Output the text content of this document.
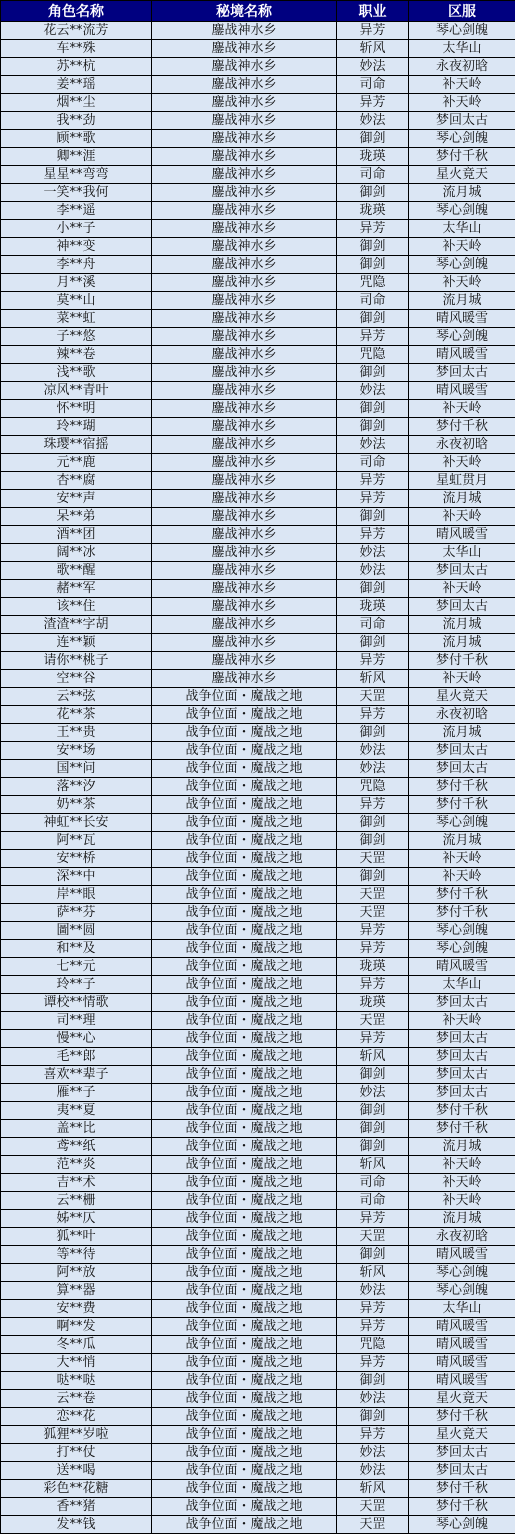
角色名称	秘境名称	职业	区服
花云**流芳	鏖战神水乡	异芳	琴心剑魄
车**殊	鏖战神水乡	斩风	太华山
苏**杭	鏖战神水乡	妙法	永夜初晗
姜**瑶	鏖战神水乡	司命	补天岭
烟**尘	鏖战神水乡	异芳	补天岭
我**劲	鏖战神水乡	妙法	梦回太古
顾**歌	鏖战神水乡	御剑	琴心剑魄
卿**涯	鏖战神水乡	珑瑛	梦付千秋
星星**弯弯	鏖战神水乡	司命	星火竟天
一笑**我何	鏖战神水乡	御剑	流月城
李**遥	鏖战神水乡	珑瑛	琴心剑魄
小**子	鏖战神水乡	异芳	太华山
神**变	鏖战神水乡	御剑	补天岭
李**舟	鏖战神水乡	御剑	琴心剑魄
月**溪	鏖战神水乡	咒隐	补天岭
莫**山	鏖战神水乡	司命	流月城
菜**虹	鏖战神水乡	御剑	晴风暖雪
子**悠	鏖战神水乡	异芳	琴心剑魄
辣**卷	鏖战神水乡	咒隐	晴风暖雪
浅**歌	鏖战神水乡	御剑	梦回太古
凉风**青叶	鏖战神水乡	妙法	晴风暖雪
怀**明	鏖战神水乡	御剑	补天岭
玲**瑚	鏖战神水乡	御剑	梦付千秋
珠璎**宿摇	鏖战神水乡	妙法	永夜初晗
元**鹿	鏖战神水乡	司命	补天岭
杏**腐	鏖战神水乡	异芳	星虹贯月
安**声	鏖战神水乡	异芳	流月城
呆**弟	鏖战神水乡	御剑	补天岭
酒**团	鏖战神水乡	异芳	晴风暖雪
阔**冰	鏖战神水乡	妙法	太华山
歌**醒	鏖战神水乡	妙法	梦回太古
赭**军	鏖战神水乡	御剑	补天岭
该**住	鏖战神水乡	珑瑛	梦回太古
渣渣**字胡	鏖战神水乡	司命	流月城
连**颖	鏖战神水乡	御剑	流月城
请你**桃子	鏖战神水乡	异芳	梦付千秋
空**谷	鏖战神水乡	斩风	补天岭
云**弦	战争位面・魔战之地	天罡	星火竟天
花**茶	战争位面・魔战之地	异芳	永夜初晗
王**贵	战争位面・魔战之地	御剑	流月城
安**场	战争位面・魔战之地	妙法	梦回太古
国**问	战争位面・魔战之地	妙法	梦回太古
落**汐	战争位面・魔战之地	咒隐	梦付千秋
奶**茶	战争位面・魔战之地	异芳	梦付千秋
神虹**长安	战争位面・魔战之地	御剑	琴心剑魄
阿**瓦	战争位面・魔战之地	御剑	流月城
安**桥	战争位面・魔战之地	天罡	补天岭
深**中	战争位面・魔战之地	御剑	补天岭
岸**眼	战争位面・魔战之地	天罡	梦付千秋
萨**芬	战争位面・魔战之地	天罡	梦付千秋
圖**圆	战争位面・魔战之地	异芳	琴心剑魄
和**及	战争位面・魔战之地	异芳	琴心剑魄
七**元	战争位面・魔战之地	珑瑛	晴风暖雪
玲**子	战争位面・魔战之地	异芳	太华山
谭校**情歌	战争位面・魔战之地	珑瑛	梦回太古
司**理	战争位面・魔战之地	天罡	补天岭
慢**心	战争位面・魔战之地	异芳	梦回太古
毛**郎	战争位面・魔战之地	斩风	梦回太古
喜欢**辈子	战争位面・魔战之地	御剑	梦回太古
雁**子	战争位面・魔战之地	妙法	梦回太古
夷**夏	战争位面・魔战之地	御剑	梦付千秋
盖**比	战争位面・魔战之地	御剑	梦付千秋
鸢**纸	战争位面・魔战之地	御剑	流月城
范**炎	战争位面・魔战之地	斩风	补天岭
吉**术	战争位面・魔战之地	司命	补天岭
云**栅	战争位面・魔战之地	司命	补天岭
姊**仄	战争位面・魔战之地	异芳	流月城
狐**叶	战争位面・魔战之地	天罡	永夜初晗
等**待	战争位面・魔战之地	御剑	晴风暖雪
阿**放	战争位面・魔战之地	斩风	琴心剑魄
算**器	战争位面・魔战之地	妙法	琴心剑魄
安**费	战争位面・魔战之地	异芳	太华山
啊**发	战争位面・魔战之地	异芳	晴风暖雪
冬**瓜	战争位面・魔战之地	咒隐	晴风暖雪
大**悄	战争位面・魔战之地	异芳	晴风暖雪
哒**哒	战争位面・魔战之地	御剑	晴风暖雪
云**卷	战争位面・魔战之地	妙法	星火竟天
恋**花	战争位面・魔战之地	御剑	梦付千秋
狐狸**岁啦	战争位面・魔战之地	异芳	星火竟天
打**仗	战争位面・魔战之地	妙法	梦回太古
送**喝	战争位面・魔战之地	妙法	梦回太古
彩色**花糖	战争位面・魔战之地	斩风	梦付千秋
香**猪	战争位面・魔战之地	天罡	梦付千秋
发**钱	战争位面・魔战之地	天罡	琴心剑魄
